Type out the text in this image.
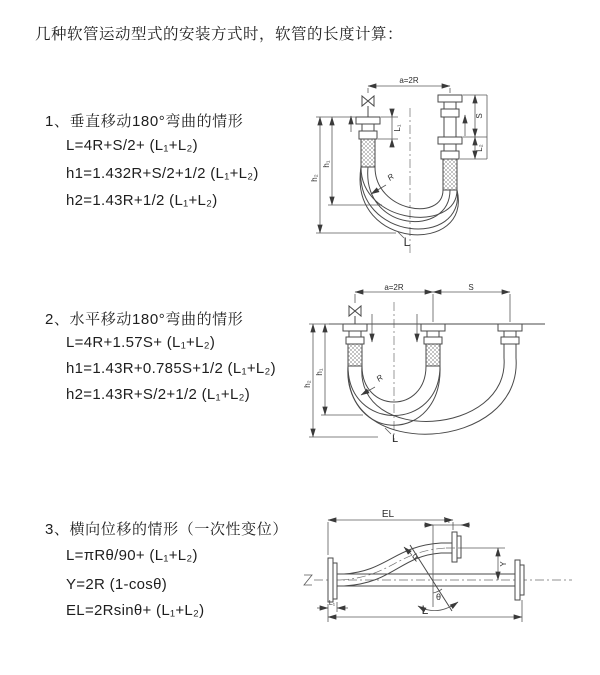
几种软管运动型式的安装方式时，软管的长度计算：
1、垂直移动180°弯曲的情形
L=4R+S/2+ (L₁+L₂)
h1=1.432R+S/2+1/2 (L₁+L₂)
h2=1.43R+1/2 (L₁+L₂)
2、水平移动180°弯曲的情形
L=4R+1.57S+ (L₁+L₂)
h1=1.43R+0.785S+1/2 (L₁+L₂)
h2=1.43R+S/2+1/2 (L₁+L₂)
3、横向位移的情形（一次性变位）
L=πRθ/90+ (L₁+L₂)
Y=2R (1-cosθ)
EL=2Rsinθ+ (L₁+L₂)
a=2R
L₁
S
L₂
R
L
h₂
h₁
a=2R	S
R
L
h₂
h₁
EL
L₂
Y
L
L₁
R
θ
